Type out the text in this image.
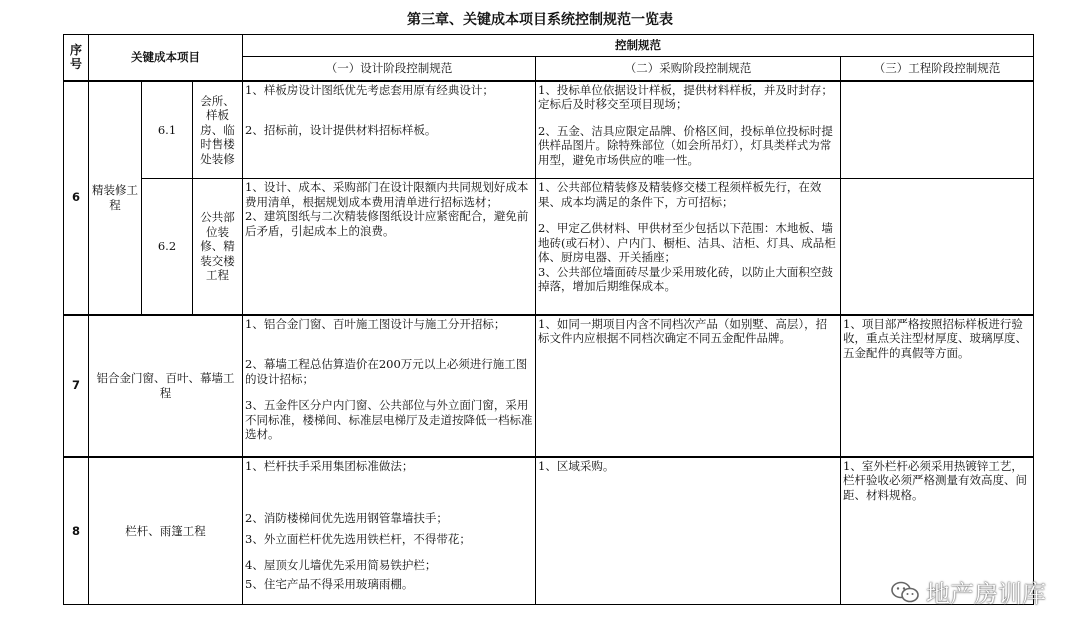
第三章、关键成本项目系统控制规范一览表
序号	关键成本项目			控制规范		
				（一）设计阶段控制规范	（二）采购阶段控制规范	（三）工程阶段控制规范
6	精装修工程	6.1	会所、样板房、临时售楼处装修	1、样板房设计图纸优先考虑套用原有经典设计；
2、招标前，设计提供材料招标样板。	1、投标单位依据设计样板，提供材料样板，并及时封存；定标后及时移交至项目现场；
2、五金、洁具应限定品牌、价格区间，投标单位投标时提供样品图片。除特殊部位（如会所吊灯），灯具类样式为常用型，避免市场供应的唯一性。	

		6.2	公共部位装修、精装交楼工程	1、设计、成本、采购部门在设计限额内共同规划好成本费用清单，根据规划成本费用清单进行招标选材；
2、建筑图纸与二次精装修图纸设计应紧密配合，避免前后矛盾，引起成本上的浪费。	1、公共部位精装修及精装修交楼工程须样板先行，在效果、成本均满足的条件下，方可招标；
2、甲定乙供材料、甲供材至少包括以下范围：木地板、墙地砖(或石材）、户内门、橱柜、洁具、洁柜、灯具、成品柜体、厨房电器、开关插座；
3、公共部位墙面砖尽量少采用玻化砖，以防止大面积空鼓掉落，增加后期维保成本。	

7	铝合金门窗、百叶、幕墙工程			1、铝合金门窗、百叶施工图设计与施工分开招标；
2、幕墙工程总估算造价在200万元以上必须进行施工图的设计招标；
3、五金件区分户内门窗、公共部位与外立面门窗，采用不同标准，楼梯间、标准层电梯厅及走道按降低一档标准选材。	1、如同一期项目内含不同档次产品（如别墅、高层），招标文件内应根据不同档次确定不同五金配件品牌。	1、项目部严格按照招标样板进行验收，重点关注型材厚度、玻璃厚度、五金配件的真假等方面。

8	栏杆、雨篷工程			1、栏杆扶手采用集团标准做法；
2、消防楼梯间优先选用钢管靠墙扶手；
3、外立面栏杆优先选用铁栏杆，不得带花；
4、屋顶女儿墙优先采用简易铁护栏；
5、住宅产品不得采用玻璃雨棚。	1、区域采购。	1、室外栏杆必须采用热镀锌工艺，栏杆验收必须严格测量有效高度、间距、材料规格。
地产房训库
